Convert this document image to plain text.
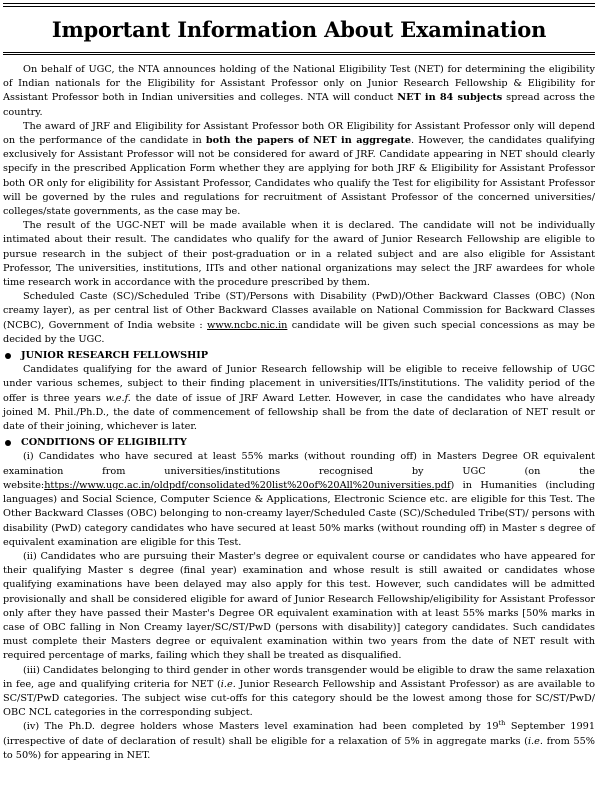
Important Information About Examination

On behalf of UGC, the NTA announces holding of the National Eligibility Test (NET) for determining the eligibility of Indian nationals for the Eligibility for Assistant Professor only on Junior Research Fellowship & Eligibility for Assistant Professor both in Indian universities and colleges. NTA will conduct NET in 84 subjects spread across the country.

The award of JRF and Eligibility for Assistant Professor both OR Eligibility for Assistant Professor only will depend on the performance of the candidate in both the papers of NET in aggregate. However, the candidates qualifying exclusively for Assistant Professor will not be considered for award of JRF. Candidate appearing in NET should clearly specify in the prescribed Application Form whether they are applying for both JRF & Eligibility for Assistant Professor both OR only for eligibility for Assistant Professor, Candidates who qualify the Test for eligibility for Assistant Professor will be governed by the rules and regulations for recruitment of Assistant Professor of the concerned universities/ colleges/state governments, as the case may be.

The result of the UGC-NET will be made available when it is declared. The candidate will not be individually intimated about their result. The candidates who qualify for the award of Junior Research Fellowship are eligible to pursue research in the subject of their post-graduation or in a related subject and are also eligible for Assistant Professor, The universities, institutions, IITs and other national organizations may select the JRF awardees for whole time research work in accordance with the procedure prescribed by them.

Scheduled Caste (SC)/Scheduled Tribe (ST)/Persons with Disability (PwD)/Other Backward Classes (OBC) (Non creamy layer), as per central list of Other Backward Classes available on National Commission for Backward Classes (NCBC), Government of India website : www.ncbc.nic.in candidate will be given such special concessions as may be decided by the UGC.

JUNIOR RESEARCH FELLOWSHIP

Candidates qualifying for the award of Junior Research fellowship will be eligible to receive fellowship of UGC under various schemes, subject to their finding placement in universities/IITs/institutions. The validity period of the offer is three years w.e.f. the date of issue of JRF Award Letter. However, in case the candidates who have already joined M. Phil./Ph.D., the date of commencement of fellowship shall be from the date of declaration of NET result or date of their joining, whichever is later.

CONDITIONS OF ELIGIBILITY

(i) Candidates who have secured at least 55% marks (without rounding off) in Masters Degree OR equivalent examination from universities/institutions recognised by UGC (on the website:https://www.ugc.ac.in/oldpdf/consolidated%20list%20of%20All%20universities.pdf) in Humanities (including languages) and Social Science, Computer Science & Applications, Electronic Science etc. are eligible for this Test. The Other Backward Classes (OBC) belonging to non-creamy layer/Scheduled Caste (SC)/Scheduled Tribe(ST)/ persons with disability (PwD) category candidates who have secured at least 50% marks (without rounding off) in Master s degree of equivalent examination are eligible for this Test.

(ii) Candidates who are pursuing their Master's degree or equivalent course or candidates who have appeared for their qualifying Master s degree (final year) examination and whose result is still awaited or candidates whose qualifying examinations have been delayed may also apply for this test. However, such candidates will be admitted provisionally and shall be considered eligible for award of Junior Research Fellowship/eligibility for Assistant Professor only after they have passed their Master's Degree OR equivalent examination with at least 55% marks [50% marks in case of OBC falling in Non Creamy layer/SC/ST/PwD (persons with disability)] category candidates. Such candidates must complete their Masters degree or equivalent examination within two years from the date of NET result with required percentage of marks, failing which they shall be treated as disqualified.

(iii) Candidates belonging to third gender in other words transgender would be eligible to draw the same relaxation in fee, age and qualifying criteria for NET (i.e. Junior Research Fellowship and Assistant Professor) as are available to SC/ST/PwD categories. The subject wise cut-offs for this category should be the lowest among those for SC/ST/PwD/ OBC NCL categories in the corresponding subject.

(iv) The Ph.D. degree holders whose Masters level examination had been completed by 19th September 1991 (irrespective of date of declaration of result) shall be eligible for a relaxation of 5% in aggregate marks (i.e. from 55% to 50%) for appearing in NET.
